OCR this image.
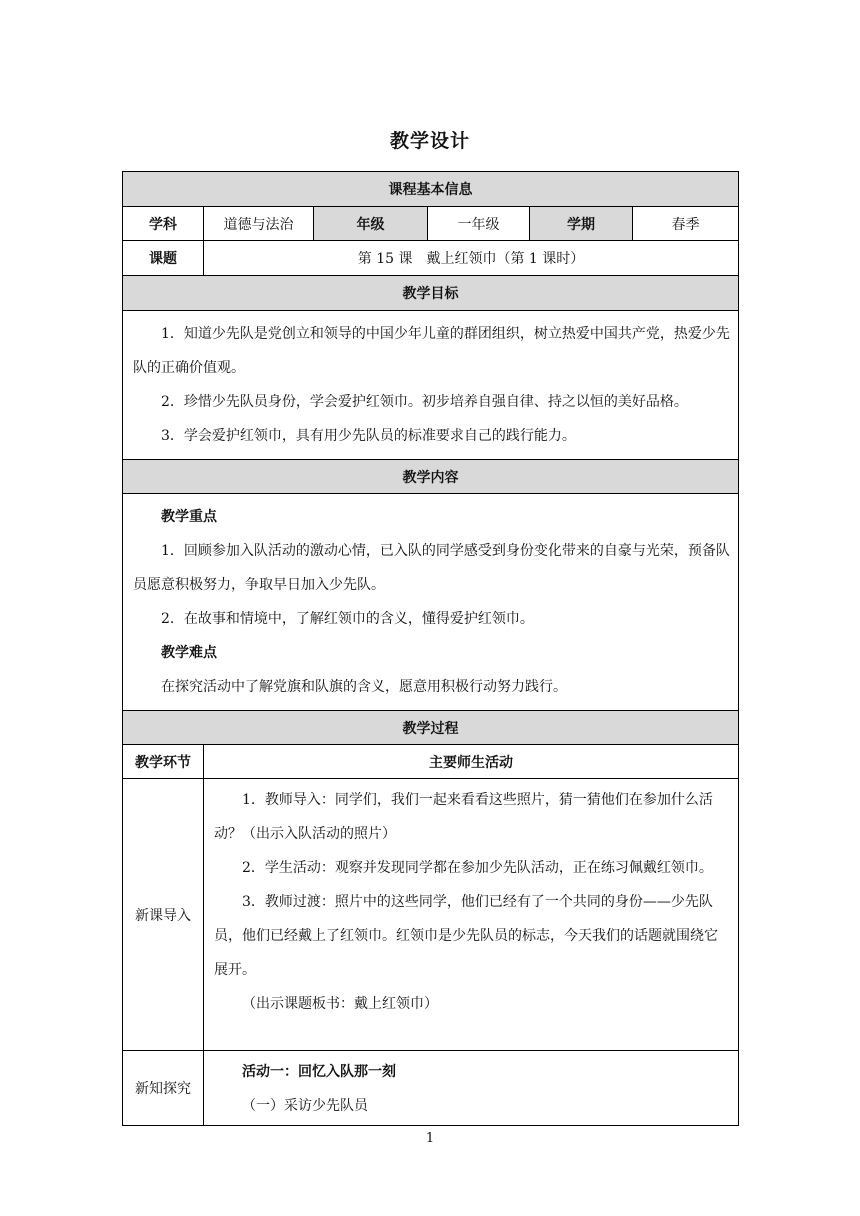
教学设计
课程基本信息					
学科	道德与法治	年级	一年级	学期	春季
课题	第 15 课　戴上红领巾（第 1 课时）				
教学目标					

1．知道少先队是党创立和领导的中国少年儿童的群团组织，树立热爱中国共产党，热爱少先队的正确价值观。

2．珍惜少先队员身份，学会爱护红领巾。初步培养自强自律、持之以恒的美好品格。

3．学会爱护红领巾，具有用少先队员的标准要求自己的践行能力。					

教学内容					

教学重点

1．回顾参加入队活动的激动心情，已入队的同学感受到身份变化带来的自豪与光荣，预备队员愿意积极努力，争取早日加入少先队。

2．在故事和情境中，了解红领巾的含义，懂得爱护红领巾。

教学难点

在探究活动中了解党旗和队旗的含义，愿意用积极行动努力践行。					

教学过程					
教学环节	主要师生活动				
新课导入	1．教师导入：同学们，我们一起来看看这些照片，猜一猜他们在参加什么活动？（出示入队活动的照片）

2．学生活动：观察并发现同学都在参加少先队活动，正在练习佩戴红领巾。

3．教师过渡：照片中的这些同学，他们已经有了一个共同的身份——少先队员，他们已经戴上了红领巾。红领巾是少先队员的标志，今天我们的话题就围绕它展开。

（出示课题板书：戴上红领巾）				

新知探究	活动一：回忆入队那一刻

（一）采访少先队员				

1
